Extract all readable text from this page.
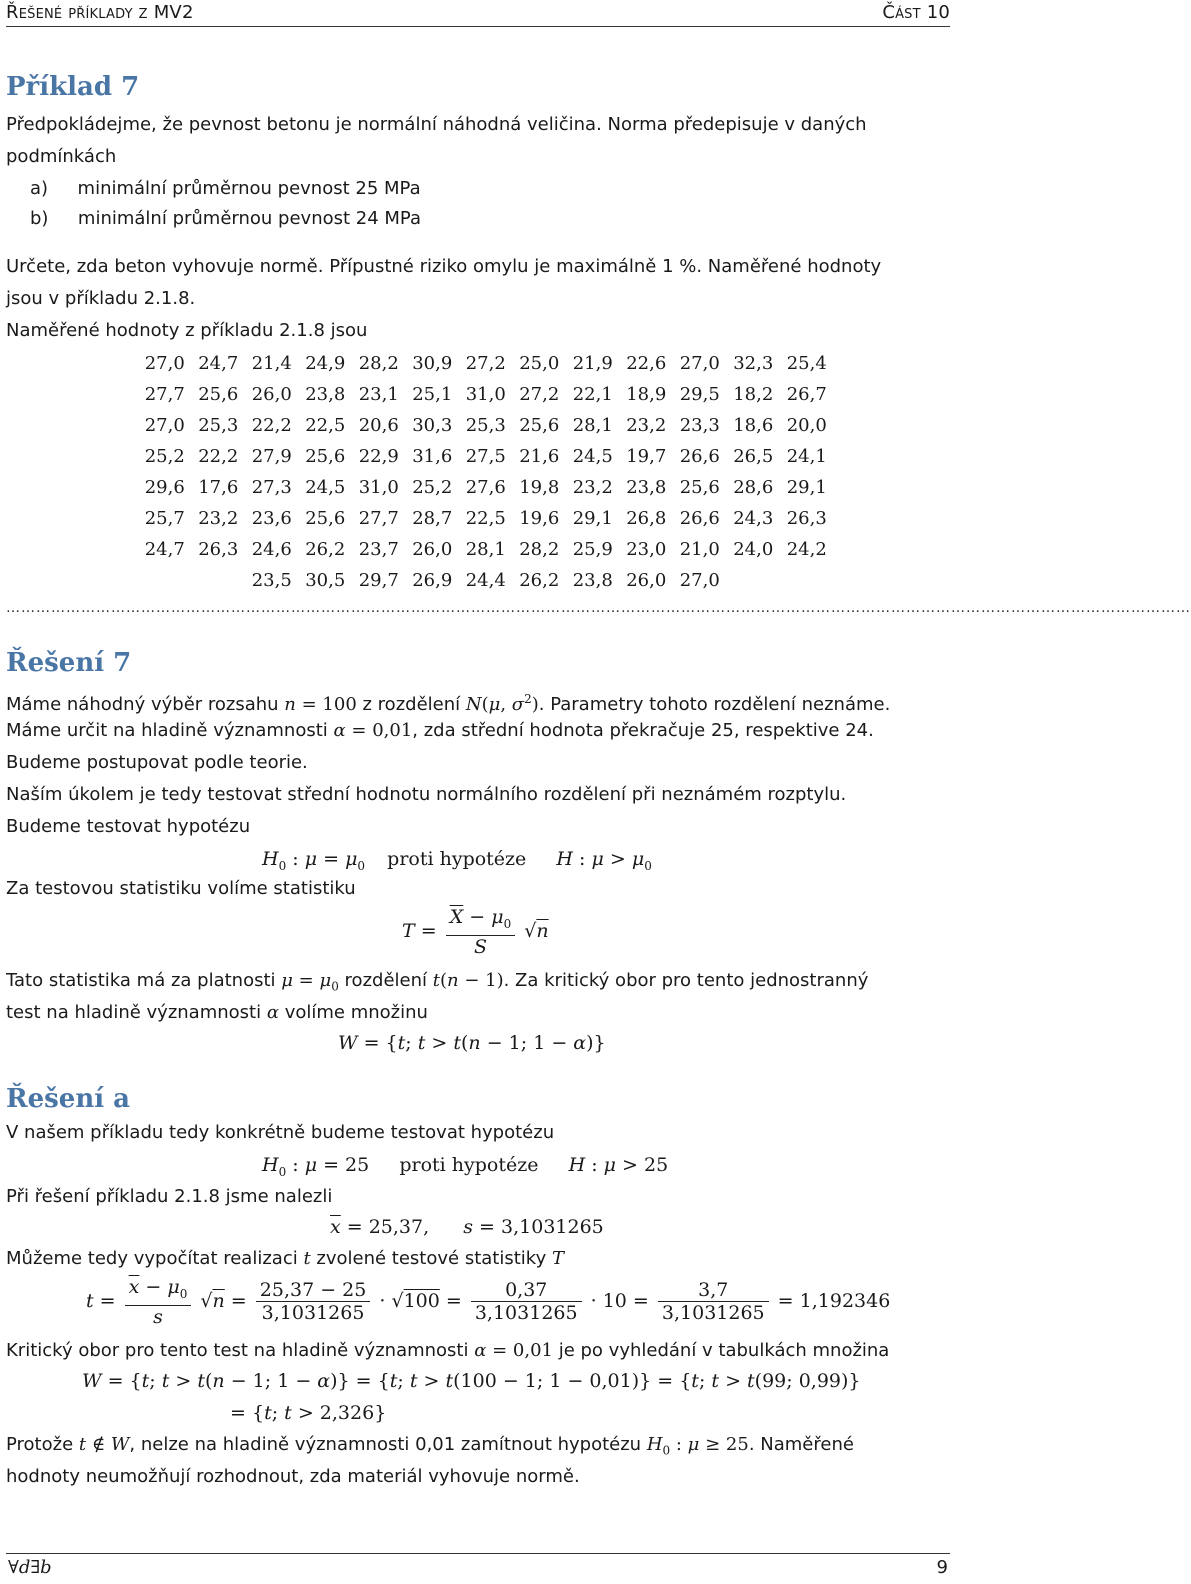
Řešené příklady z MV2	Část 10
Příklad 7
Předpokládejme, že pevnost betonu je normální náhodná veličina. Norma předepisuje v daných
podmínkách
a) minimální průměrnou pevnost 25 MPa
b) minimální průměrnou pevnost 24 MPa
Určete, zda beton vyhovuje normě. Přípustné riziko omylu je maximálně 1 %. Naměřené hodnoty
jsou v příkladu 2.1.8.
Naměřené hodnoty z příkladu 2.1.8 jsou
27,0	24,7	21,4	24,9	28,2	30,9	27,2	25,0	21,9	22,6	27,0	32,3	25,4
27,7	25,6	26,0	23,8	23,1	25,1	31,0	27,2	22,1	18,9	29,5	18,2	26,7
27,0	25,3	22,2	22,5	20,6	30,3	25,3	25,6	28,1	23,2	23,3	18,6	20,0
25,2	22,2	27,9	25,6	22,9	31,6	27,5	21,6	24,5	19,7	26,6	26,5	24,1
29,6	17,6	27,3	24,5	31,0	25,2	27,6	19,8	23,2	23,8	25,6	28,6	29,1
25,7	23,2	23,6	25,6	27,7	28,7	22,5	19,6	29,1	26,8	26,6	24,3	26,3
24,7	26,3	24,6	26,2	23,7	26,0	28,1	28,2	25,9	23,0	21,0	24,0	24,2
		23,5	30,5	29,7	26,9	24,4	26,2	23,8	26,0	27,0		
…………………………………………………………………………………………………………………………………………………………………………………………………………………
Řešení 7
Máme náhodný výběr rozsahu n = 100 z rozdělení N(μ, $\sigma^2$). Parametry tohoto rozdělení neznáme.
Máme určit na hladině významnosti α = 0,01, zda střední hodnota překračuje 25, respektive 24.
Budeme postupovat podle teorie.
Naším úkolem je tedy testovat střední hodnotu normálního rozdělení při neznámém rozptylu.
Budeme testovat hypotézu
$H_0$ : $\mu = \mu_0$ proti hypotéze H : $\mu > \mu_0$
Za testovou statistiku volíme statistiku
$T = \frac{\overline{X} - \mu_0}{S} √n$
Tato statistika má za platnosti $\mu = \mu_0$ rozdělení t(n − 1). Za kritický obor pro tento jednostranný
test na hladině významnosti α volíme množinu
W = {t; t > t(n − 1; 1 − α)}
Řešení a
V našem příkladu tedy konkrétně budeme testovat hypotézu
$H_0$ : μ = 25  proti hypotéze H : μ > 25
Při řešení příkladu 2.1.8 jsme nalezli
$\overline{x} = 25,37$, s = 3,1031265
Můžeme tedy vypočítat realizaci t zvolené testové statistiky T
$t = \frac{\overline{x} - \mu_0}{s} √n = \frac{25,37 - 25}{3,1031265} \cdot √100 = \frac{0,37}{3,1031265} \cdot 10 = \frac{3,7}{3,1031265} = 1,192346$
Kritický obor pro tento test na hladině významnosti α = 0,01 je po vyhledání v tabulkách množina
W = {t; t > t(n − 1; 1 − α)} = {t; t > t(100 − 1; 1 − 0,01)} = {t; t > t(99; 0,99)}
= {t; t > 2,326}
Protože t ∉ W, nelze na hladině významnosti 0,01 zamítnout hypotézu $H_0$ : μ ≥ 25. Naměřené
hodnoty neumožňují rozhodnout, zda materiál vyhovuje normě.
∀d∃b	9
